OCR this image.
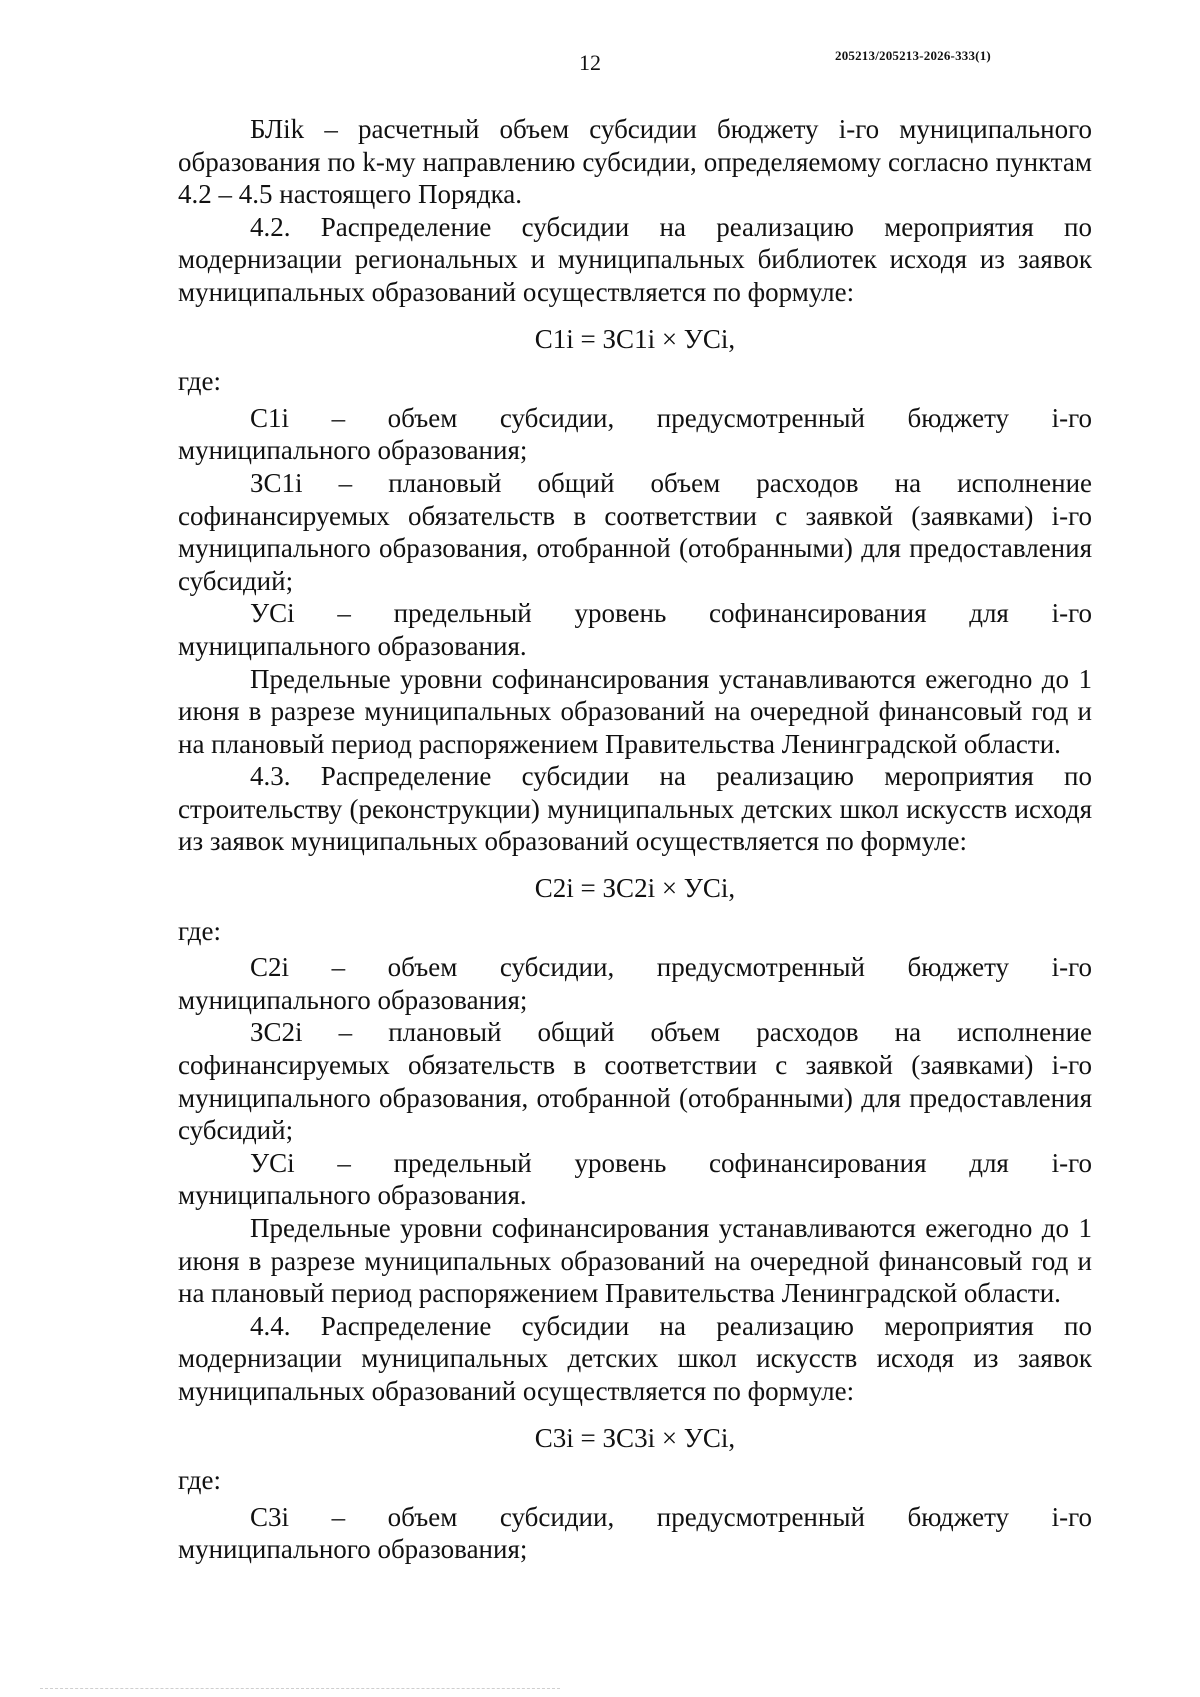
12	205213/205213-2026-333(1)

БЛik – расчетный объем субсидии бюджету i-го муниципального образования по k-му направлению субсидии, определяемому согласно пунктам 4.2 – 4.5 настоящего Порядка.

4.2. Распределение субсидии на реализацию мероприятия по модернизации региональных и муниципальных библиотек исходя из заявок муниципальных образований осуществляется по формуле:

С1i = ЗС1i × УСi,

где:

С1i – объем субсидии, предусмотренный бюджету i-го

муниципального образования;

ЗС1i – плановый общий объем расходов на исполнение софинансируемых обязательств в соответствии с заявкой (заявками) i-го муниципального образования, отобранной (отобранными) для предоставления субсидий;

УСi – предельный уровень софинансирования для i-го

муниципального образования.

Предельные уровни софинансирования устанавливаются ежегодно до 1 июня в разрезе муниципальных образований на очередной финансовый год и на плановый период распоряжением Правительства Ленинградской области.

4.3. Распределение субсидии на реализацию мероприятия по строительству (реконструкции) муниципальных детских школ искусств исходя из заявок муниципальных образований осуществляется по формуле:

С2i = ЗС2i × УСi,

где:

С2i – объем субсидии, предусмотренный бюджету i-го

муниципального образования;

ЗС2i – плановый общий объем расходов на исполнение софинансируемых обязательств в соответствии с заявкой (заявками) i-го муниципального образования, отобранной (отобранными) для предоставления субсидий;

УСi – предельный уровень софинансирования для i-го

муниципального образования.

Предельные уровни софинансирования устанавливаются ежегодно до 1 июня в разрезе муниципальных образований на очередной финансовый год и на плановый период распоряжением Правительства Ленинградской области.

4.4. Распределение субсидии на реализацию мероприятия по модернизации муниципальных детских школ искусств исходя из заявок муниципальных образований осуществляется по формуле:

С3i = ЗС3i × УСi,

где:

С3i – объем субсидии, предусмотренный бюджету i-го

муниципального образования;
